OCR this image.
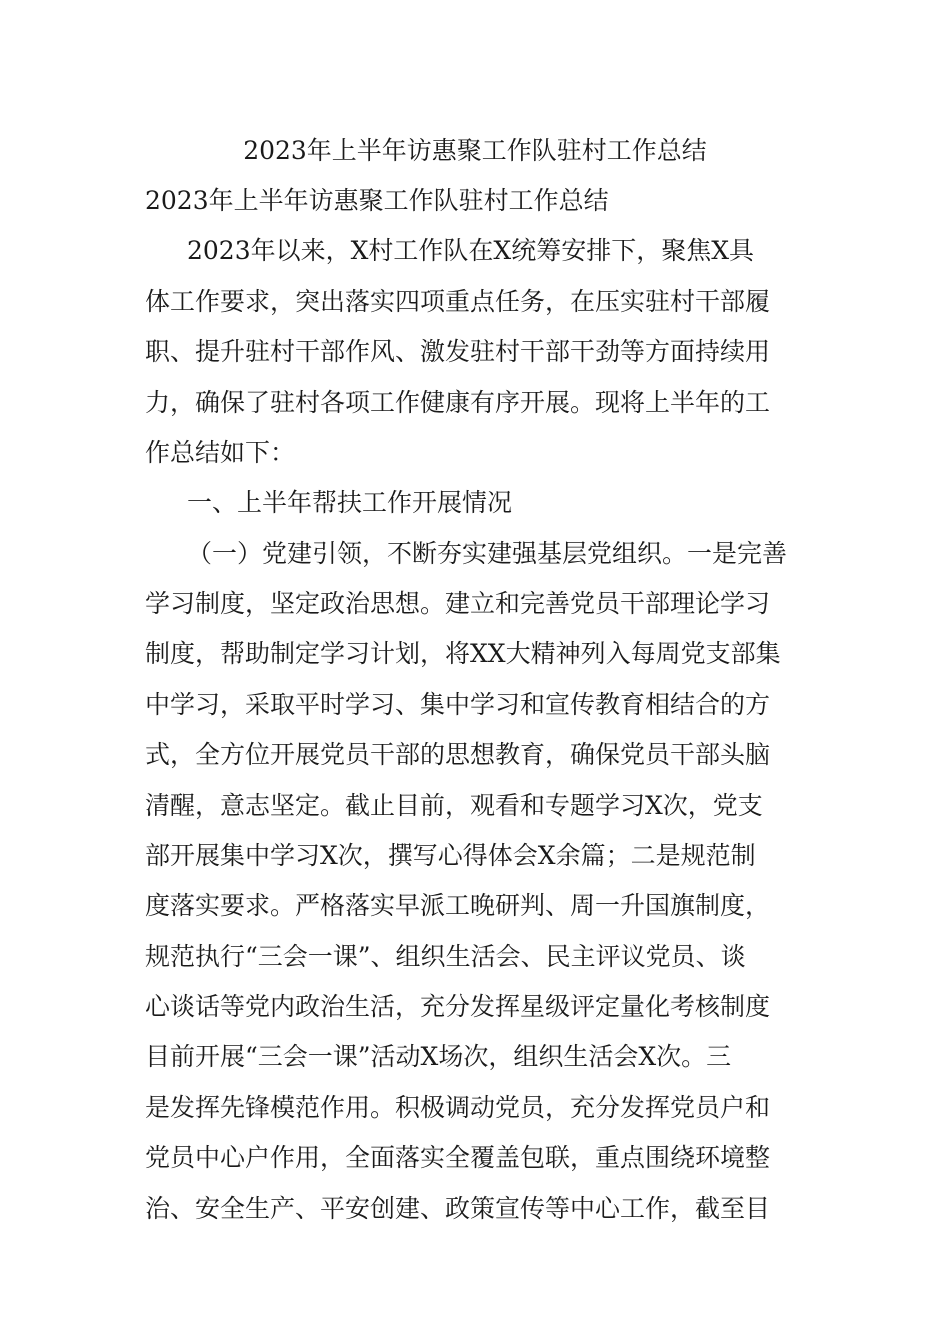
2023年上半年访惠聚工作队驻村工作总结

2023年上半年访惠聚工作队驻村工作总结

2023年以来，X村工作队在X统筹安排下，聚焦X具

体工作要求，突出落实四项重点任务，在压实驻村干部履

职、提升驻村干部作风、激发驻村干部干劲等方面持续用

力，确保了驻村各项工作健康有序开展。现将上半年的工

作总结如下：

一、上半年帮扶工作开展情况

（一）党建引领，不断夯实建强基层党组织。一是完善

学习制度，坚定政治思想。建立和完善党员干部理论学习

制度，帮助制定学习计划，将XX大精神列入每周党支部集

中学习，采取平时学习、集中学习和宣传教育相结合的方

式，全方位开展党员干部的思想教育，确保党员干部头脑

清醒，意志坚定。截止目前，观看和专题学习X次，党支

部开展集中学习X次，撰写心得体会X余篇；二是规范制

度落实要求。严格落实早派工晚研判、周一升国旗制度，

规范执行“三会一课”、组织生活会、民主评议党员、谈

心谈话等党内政治生活，充分发挥星级评定量化考核制度

目前开展“三会一课”活动X场次，组织生活会X次。三

是发挥先锋模范作用。积极调动党员，充分发挥党员户和

党员中心户作用，全面落实全覆盖包联，重点围绕环境整

治、安全生产、平安创建、政策宣传等中心工作，截至目
